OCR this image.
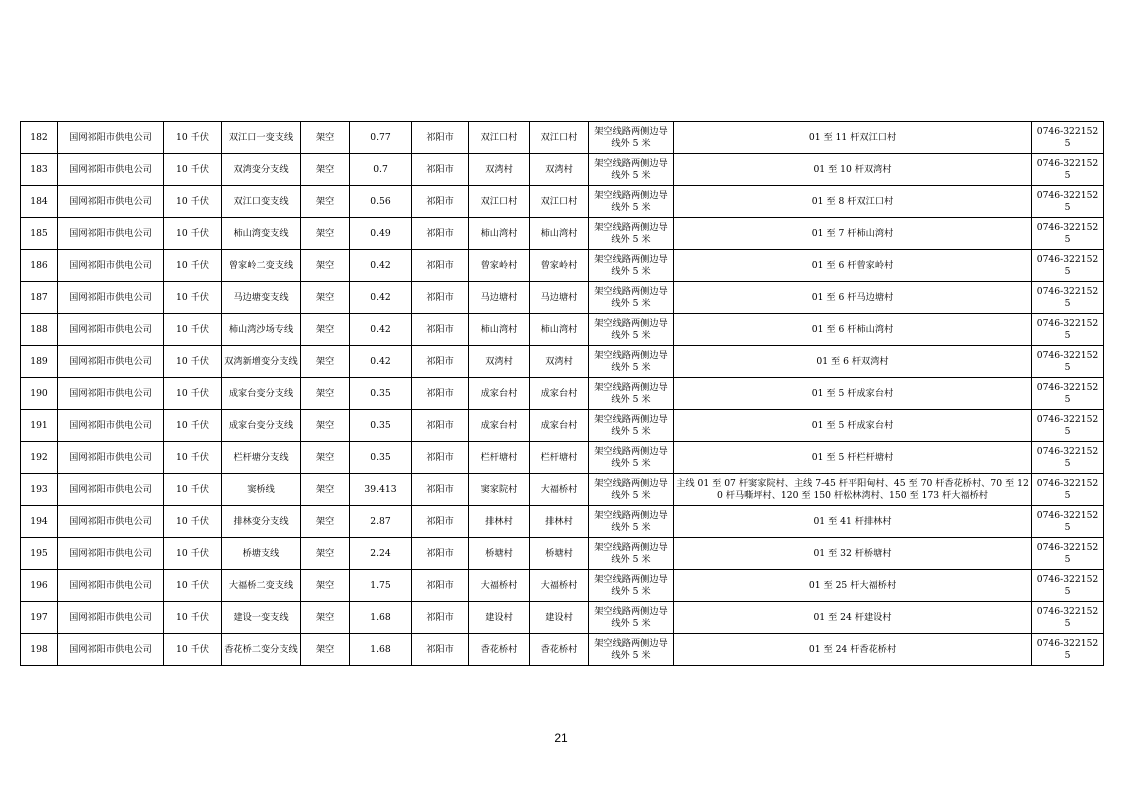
182	国网祁阳市供电公司	10 千伏	双江口一变支线	架空	0.77	祁阳市	双江口村	双江口村	架空线路两侧边导线外 5 米	01 至 11 杆双江口村	0746-3221525
183	国网祁阳市供电公司	10 千伏	双湾变分支线	架空	0.7	祁阳市	双湾村	双湾村	架空线路两侧边导线外 5 米	01 至 10 杆双湾村	0746-3221525
184	国网祁阳市供电公司	10 千伏	双江口变支线	架空	0.56	祁阳市	双江口村	双江口村	架空线路两侧边导线外 5 米	01 至 8 杆双江口村	0746-3221525
185	国网祁阳市供电公司	10 千伏	柿山湾变支线	架空	0.49	祁阳市	柿山湾村	柿山湾村	架空线路两侧边导线外 5 米	01 至 7 杆柿山湾村	0746-3221525
186	国网祁阳市供电公司	10 千伏	曾家岭二变支线	架空	0.42	祁阳市	曾家岭村	曾家岭村	架空线路两侧边导线外 5 米	01 至 6 杆曾家岭村	0746-3221525
187	国网祁阳市供电公司	10 千伏	马边塘变支线	架空	0.42	祁阳市	马边塘村	马边塘村	架空线路两侧边导线外 5 米	01 至 6 杆马边塘村	0746-3221525
188	国网祁阳市供电公司	10 千伏	柿山湾沙场专线	架空	0.42	祁阳市	柿山湾村	柿山湾村	架空线路两侧边导线外 5 米	01 至 6 杆柿山湾村	0746-3221525
189	国网祁阳市供电公司	10 千伏	双湾新增变分支线	架空	0.42	祁阳市	双湾村	双湾村	架空线路两侧边导线外 5 米	01 至 6 杆双湾村	0746-3221525
190	国网祁阳市供电公司	10 千伏	成家台变分支线	架空	0.35	祁阳市	成家台村	成家台村	架空线路两侧边导线外 5 米	01 至 5 杆成家台村	0746-3221525
191	国网祁阳市供电公司	10 千伏	成家台变分支线	架空	0.35	祁阳市	成家台村	成家台村	架空线路两侧边导线外 5 米	01 至 5 杆成家台村	0746-3221525
192	国网祁阳市供电公司	10 千伏	栏杆塘分支线	架空	0.35	祁阳市	栏杆塘村	栏杆塘村	架空线路两侧边导线外 5 米	01 至 5 杆栏杆塘村	0746-3221525
193	国网祁阳市供电公司	10 千伏	窦桥线	架空	39.413	祁阳市	窦家院村	大福桥村	架空线路两侧边导线外 5 米	主线 01 至 07 杆窦家院村、主线 7-45 杆平阳甸村、45 至 70 杆香花桥村、70 至 120 杆马嘶坪村、120 至 150 杆松林湾村、150 至 173 杆大福桥村	0746-3221525
194	国网祁阳市供电公司	10 千伏	排林变分支线	架空	2.87	祁阳市	排林村	排林村	架空线路两侧边导线外 5 米	01 至 41 杆排林村	0746-3221525
195	国网祁阳市供电公司	10 千伏	桥塘支线	架空	2.24	祁阳市	桥塘村	桥塘村	架空线路两侧边导线外 5 米	01 至 32 杆桥塘村	0746-3221525
196	国网祁阳市供电公司	10 千伏	大福桥二变支线	架空	1.75	祁阳市	大福桥村	大福桥村	架空线路两侧边导线外 5 米	01 至 25 杆大福桥村	0746-3221525
197	国网祁阳市供电公司	10 千伏	建设一变支线	架空	1.68	祁阳市	建设村	建设村	架空线路两侧边导线外 5 米	01 至 24 杆建设村	0746-3221525
198	国网祁阳市供电公司	10 千伏	香花桥二变分支线	架空	1.68	祁阳市	香花桥村	香花桥村	架空线路两侧边导线外 5 米	01 至 24 杆香花桥村	0746-3221525
21
